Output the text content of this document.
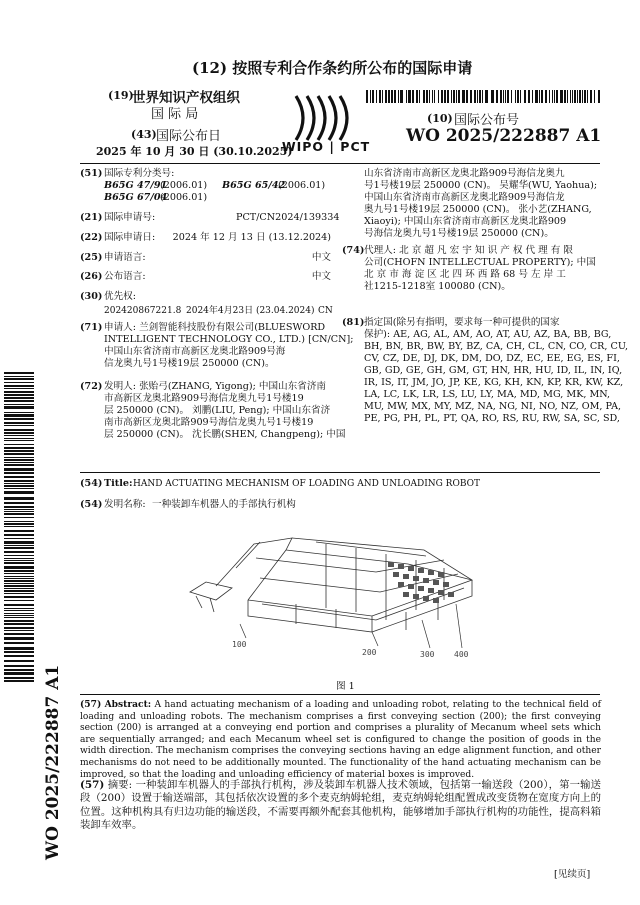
(12) 按照专利合作条约所公布的国际申请
(19)
世界知识产权组织
国 际 局
(43) 国际公布日
2025 年 10 月 30 日 (30.10.2025)
WIPO | PCT
(10) 国际公布号
WO 2025/222887 A1
(51) 国际专利分类号:
B65G 47/91
(2006.01) B65G 65/42
(2006.01)
B65G 67/04
(2006.01)
(21) 国际申请号:	PCT/CN2024/139334
(22) 国际申请日:	2024 年 12 月 13 日 (13.12.2024)
(25) 申请语言:	中文
(26) 公布语言:	中文
(30) 优先权:
202420867221.8 2024年4月23日 (23.04.2024) CN
(71) 申请人: 兰剑智能科技股份有限公司(BLUESWORD
INTELLIGENT TECHNOLOGY CO., LTD.) [CN/CN];
中国山东省济南市高新区龙奥北路909号海
信龙奥九号1号楼19层 250000 (CN)。
(72) 发明人: 张贻弓(ZHANG, Yigong); 中国山东省济南
市高新区龙奥北路909号海信龙奥九号1号楼19
层 250000 (CN)。 刘鹏(LIU, Peng); 中国山东省济
南市高新区龙奥北路909号海信龙奥九号1号楼19
层 250000 (CN)。 沈长鹏(SHEN, Changpeng); 中国
山东省济南市高新区龙奥北路909号海信龙奥九
号1号楼19层 250000 (CN)。 吴耀华(WU, Yaohua);
中国山东省济南市高新区龙奥北路909号海信龙
奥九号1号楼19层 250000 (CN)。 张小艺(ZHANG,
Xiaoyi); 中国山东省济南市高新区龙奥北路909
号海信龙奥九号1号楼19层 250000 (CN)。
(74) 代理人: 北 京 超 凡 宏 宇 知 识 产 权 代 理 有 限
公司(CHOFN INTELLECTUAL PROPERTY); 中国
北 京 市 海 淀 区 北 四 环 西 路 68 号 左 岸 工
社1215-1218室 100080 (CN)。
(81) 指定国(除另有指明，要求每一种可提供的国家
保护): AE, AG, AL, AM, AO, AT, AU, AZ, BA, BB, BG,
BH, BN, BR, BW, BY, BZ, CA, CH, CL, CN, CO, CR, CU,
CV, CZ, DE, DJ, DK, DM, DO, DZ, EC, EE, EG, ES, FI,
GB, GD, GE, GH, GM, GT, HN, HR, HU, ID, IL, IN, IQ,
IR, IS, IT, JM, JO, JP, KE, KG, KH, KN, KP, KR, KW, KZ,
LA, LC, LK, LR, LS, LU, LY, MA, MD, MG, MK, MN,
MU, MW, MX, MY, MZ, NA, NG, NI, NO, NZ, OM, PA,
PE, PG, PH, PL, PT, QA, RO, RS, RU, RW, SA, SC, SD,
(54) Title: HAND ACTUATING MECHANISM OF LOADING AND UNLOADING ROBOT
(54) 发明名称: 一种装卸车机器人的手部执行机构
100
200	300 400
图 1
(57) Abstract: A hand actuating mechanism of a loading and unloading robot, relating to the technical field of loading and unloading robots. The mechanism comprises a first conveying section (200); the first conveying section (200) is arranged at a conveying end portion and comprises a plurality of Mecanum wheel sets which are sequentially arranged; and each Mecanum wheel set is configured to change the position of goods in the width direction. The mechanism comprises the conveying sections having an edge alignment function, and other mechanisms do not need to be additionally mounted. The functionality of the hand actuating mechanism can be improved, so that the loading and unloading efficiency of material boxes is improved.
(57) 摘要: 一种装卸车机器人的手部执行机构，涉及装卸车机器人技术领域，包括第一输送段（200），第一输送段（200）设置于输送端部，其包括依次设置的多个麦克纳姆轮组，麦克纳姆轮组配置成改变货物在宽度方向上的位置。这种机构具有归边功能的输送段，不需要再额外配套其他机构，能够增加手部执行机构的功能性，提高料箱装卸车效率。
[见续页]
WO 2025/222887 A1
